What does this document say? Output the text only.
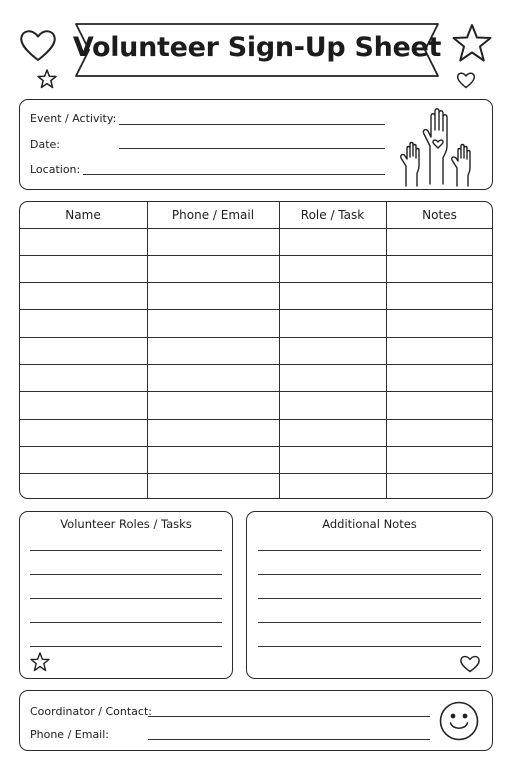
Volunteer Sign-Up Sheet
Event / Activity:
Date:
Location:
Name	Phone / Email	Role / Task	Notes

Volunteer Roles / Tasks	Additional Notes
Coordinator / Contact:
Phone / Email:
